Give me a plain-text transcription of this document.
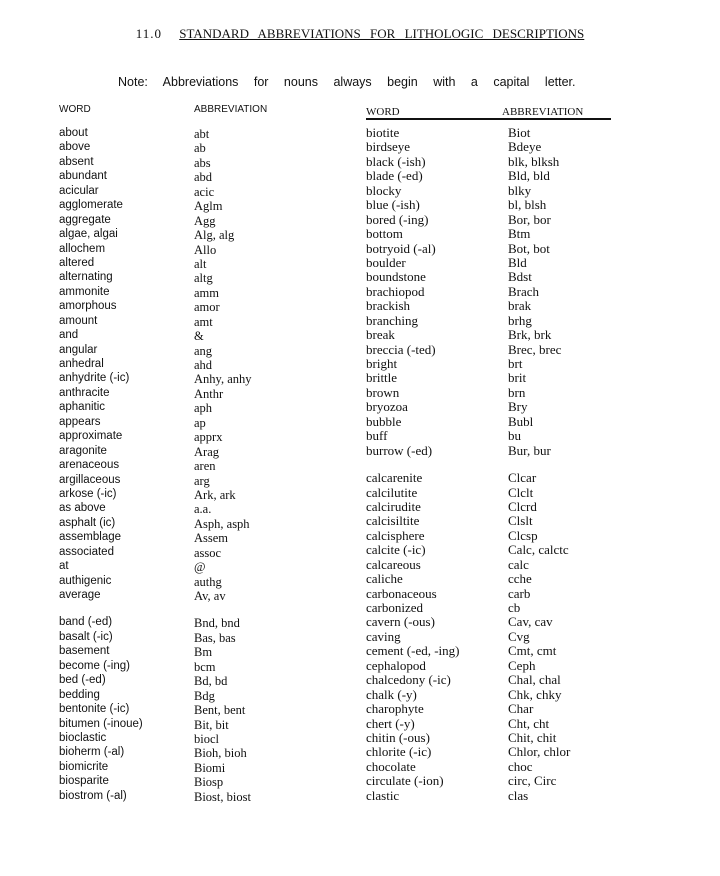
11.0 STANDARD ABBREVIATIONS FOR LITHOLOGIC DESCRIPTIONS
Note: Abbreviations for nouns always begin with a capital letter.
WORD	ABBREVIATION
about	abt
above	ab
absent	abs
abundant	abd
acicular	acic
agglomerate	Aglm
aggregate	Agg
algae, algai	Alg, alg
allochem	Allo
altered	alt
alternating	altg
ammonite	amm
amorphous	amor
amount	amt
and	&
angular	ang
anhedral	ahd
anhydrite (-ic)	Anhy, anhy
anthracite	Anthr
aphanitic	aph
appears	ap
approximate	apprx
aragonite	Arag
arenaceous	aren
argillaceous	arg
arkose (-ic)	Ark, ark
as above	a.a.
asphalt (ic)	Asph, asph
assemblage	Assem
associated	assoc
at	@
authigenic	authg
average	Av, av
band (-ed)	Bnd, bnd
basalt (-ic)	Bas, bas
basement	Bm
become (-ing)	bcm
bed (-ed)	Bd, bd
bedding	Bdg
bentonite (-ic)	Bent, bent
bitumen (-inoue)	Bit, bit
bioclastic	biocl
bioherm (-al)	Bioh, bioh
biomicrite	Biomi
biosparite	Biosp
biostrom (-al)	Biost, biost
WORD	ABBREVIATION
biotite	Biot
birdseye	Bdeye
black (-ish)	blk, blksh
blade (-ed)	Bld, bld
blocky	blky
blue (-ish)	bl, blsh
bored (-ing)	Bor, bor
bottom	Btm
botryoid (-al)	Bot, bot
boulder	Bld
boundstone	Bdst
brachiopod	Brach
brackish	brak
branching	brhg
break	Brk, brk
breccia (-ted)	Brec, brec
bright	brt
brittle	brit
brown	brn
bryozoa	Bry
bubble	Bubl
buff	bu
burrow (-ed)	Bur, bur
calcarenite	Clcar
calcilutite	Clclt
calcirudite	Clcrd
calcisiltite	Clslt
calcisphere	Clcsp
calcite (-ic)	Calc, calctc
calcareous	calc
caliche	cche
carbonaceous	carb
carbonized	cb
cavern (-ous)	Cav, cav
caving	Cvg
cement (-ed, -ing)	Cmt, cmt
cephalopod	Ceph
chalcedony (-ic)	Chal, chal
chalk (-y)	Chk, chky
charophyte	Char
chert (-y)	Cht, cht
chitin (-ous)	Chit, chit
chlorite (-ic)	Chlor, chlor
chocolate	choc
circulate (-ion)	circ, Circ
clastic	clas
